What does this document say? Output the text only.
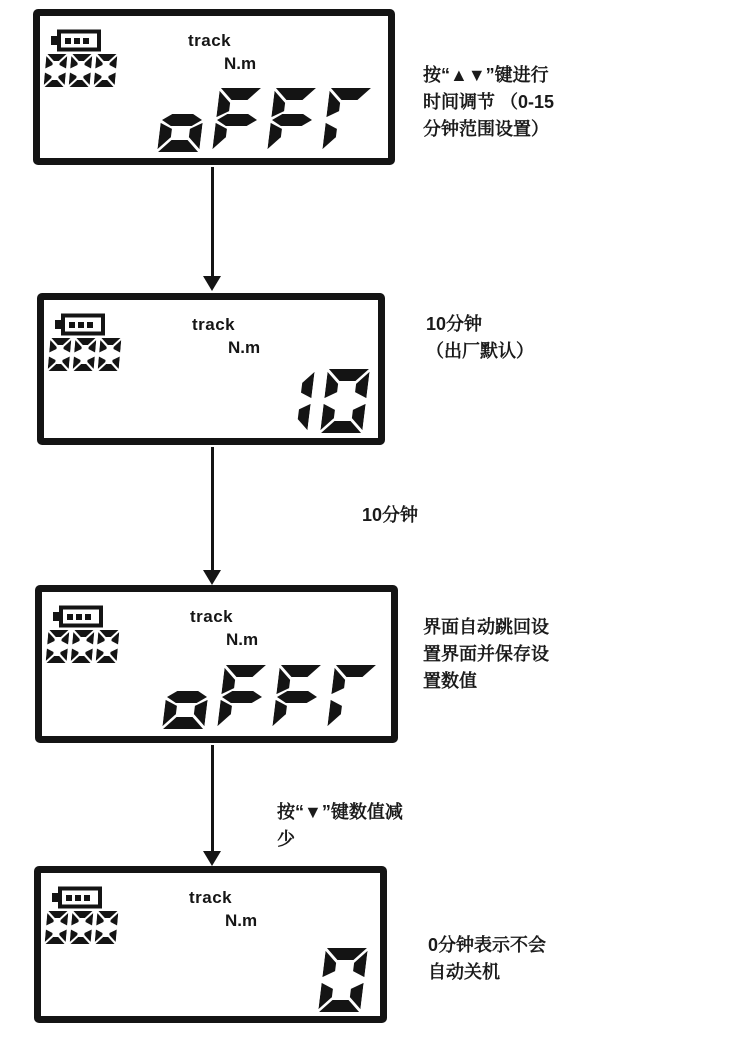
track
N.m
track
N.m
track
N.m
track
N.m
按“▲▼”键进行
时间调节 （0-15
分钟范围设置）
10分钟
（出厂默认）
10分钟
界面自动跳回设
置界面并保存设
置数值
按“▼”键数值减
少
0分钟表示不会
自动关机
